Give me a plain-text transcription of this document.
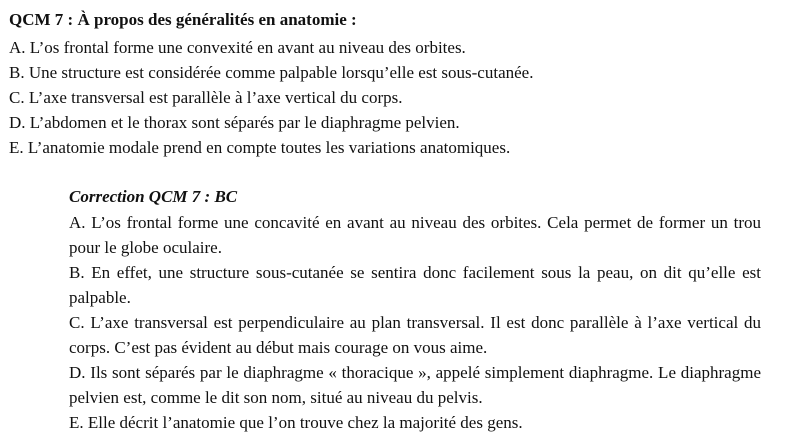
QCM 7 : À propos des généralités en anatomie :
A. L’os frontal forme une convexité en avant au niveau des orbites.
B. Une structure est considérée comme palpable lorsqu’elle est sous-cutanée.
C. L’axe transversal est parallèle à l’axe vertical du corps.
D. L’abdomen et le thorax sont séparés par le diaphragme pelvien.
E. L’anatomie modale prend en compte toutes les variations anatomiques.
Correction QCM 7 : BC

A. L’os frontal forme une concavité en avant au niveau des orbites. Cela permet de former un trou pour le globe oculaire.

B. En effet, une structure sous-cutanée se sentira donc facilement sous la peau, on dit qu’elle est palpable.

C. L’axe transversal est perpendiculaire au plan transversal. Il est donc parallèle à l’axe vertical du corps. C’est pas évident au début mais courage on vous aime.

D. Ils sont séparés par le diaphragme « thoracique », appelé simplement diaphragme. Le diaphragme pelvien est, comme le dit son nom, situé au niveau du pelvis.

E. Elle décrit l’anatomie que l’on trouve chez la majorité des gens.
